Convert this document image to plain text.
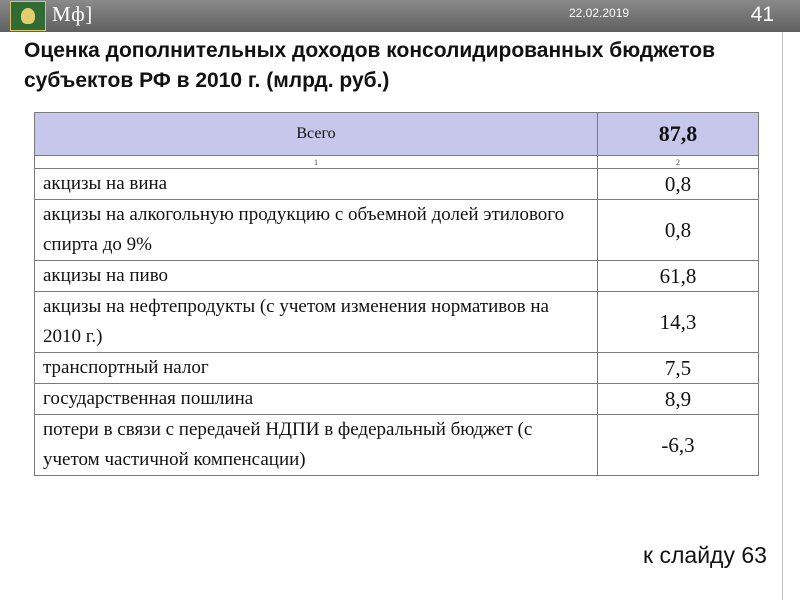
Мф]	22.02.2019	41
Оценка дополнительных доходов консолидированных бюджетов субъектов РФ в 2010 г. (млрд. руб.)
Всего	87,8
1	2
акцизы на вина	0,8
акцизы на алкогольную продукцию с объемной долей этилового спирта до 9%	0,8
акцизы на пиво	61,8
акцизы на нефтепродукты (с учетом изменения нормативов на 2010 г.)	14,3
транспортный налог	7,5
государственная пошлина	8,9
потери в связи с передачей НДПИ в федеральный бюджет (с учетом частичной компенсации)	-6,3
к слайду 63
